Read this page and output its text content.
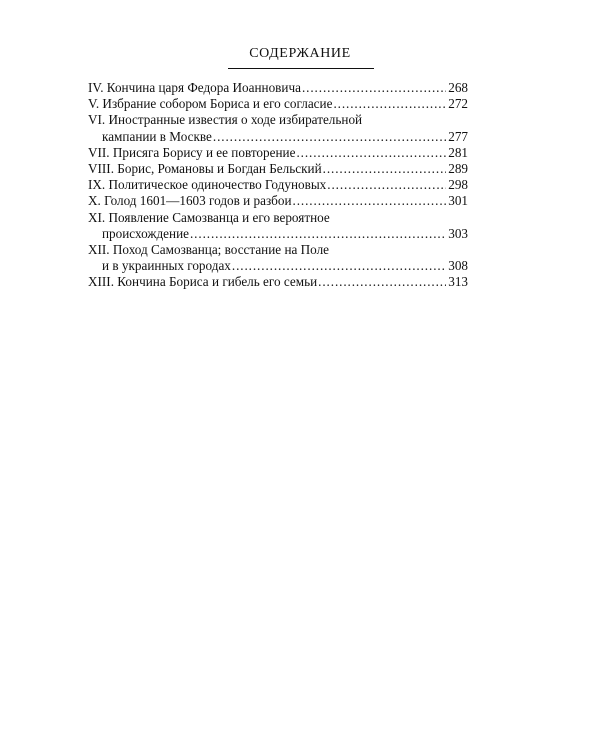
СОДЕРЖАНИЕ
IV. Кончина царя Федора Иоанновича . . .	268
V. Избрание собором Бориса и его согласие . . .	272
VI. Иностранные известия о ходе избирательной
кампании в Москве . . .	277
VII. Присяга Борису и ее повторение . . .	281
VIII. Борис, Романовы и Богдан Бельский . . .	289
IX. Политическое одиночество Годуновых . . .	298
X. Голод 1601—1603 годов и разбои . . .	301
XI. Появление Самозванца и его вероятное
происхождение . . .	303
XII. Поход Самозванца; восстание на Поле
и в украинных городах . . .	308
XIII. Кончина Бориса и гибель его семьи . . .	313
